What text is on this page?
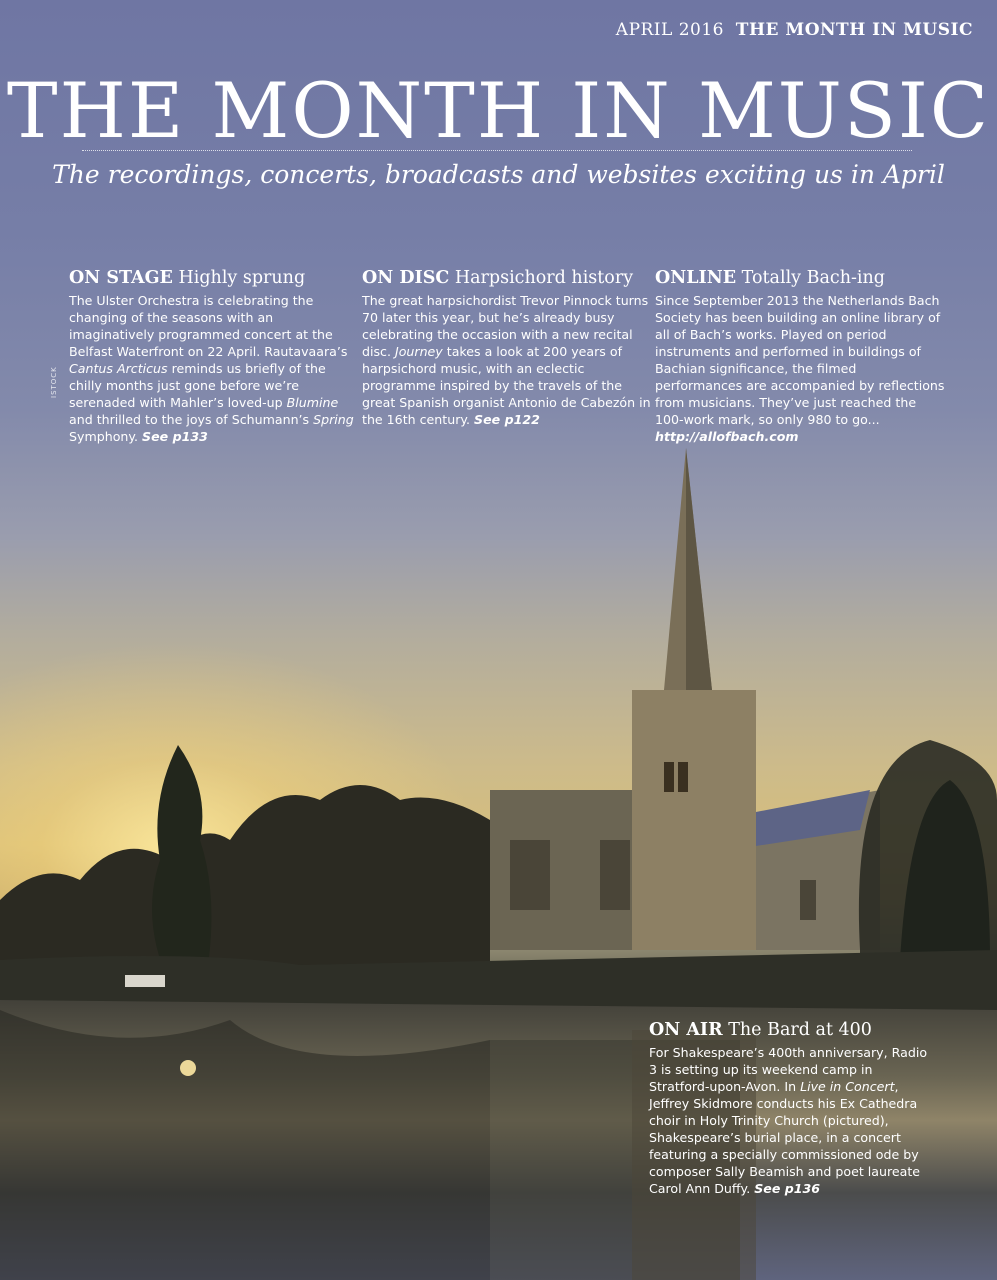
APRIL 2016 THE MONTH IN MUSIC
THE MONTH IN MUSIC
The recordings, concerts, broadcasts and websites exciting us in April
ISTOCK
ON STAGE Highly sprung

The Ulster Orchestra is celebrating the changing of the seasons with an imaginatively programmed concert at the Belfast Waterfront on 22 April. Rautavaara’s Cantus Arcticus reminds us briefly of the chilly months just gone before we’re serenaded with Mahler’s loved-up Blumine and thrilled to the joys of Schumann’s Spring Symphony. See p133

ON DISC Harpsichord history

The great harpsichordist Trevor Pinnock turns 70 later this year, but he’s already busy celebrating the occasion with a new recital disc. Journey takes a look at 200 years of harpsichord music, with an eclectic programme inspired by the travels of the great Spanish organist Antonio de Cabezón in the 16th century. See p122

ONLINE Totally Bach-ing

Since September 2013 the Netherlands Bach Society has been building an online library of all of Bach’s works. Played on period instruments and performed in buildings of Bachian significance, the filmed performances are accompanied by reflections from musicians. They’ve just reached the 100-work mark, so only 980 to go... http://allofbach.com

ON AIR The Bard at 400

For Shakespeare’s 400th anniversary, Radio 3 is setting up its weekend camp in Stratford-upon-Avon. In Live in Concert, Jeffrey Skidmore conducts his Ex Cathedra choir in Holy Trinity Church (pictured), Shakespeare’s burial place, in a concert featuring a specially commissioned ode by composer Sally Beamish and poet laureate Carol Ann Duffy. See p136
